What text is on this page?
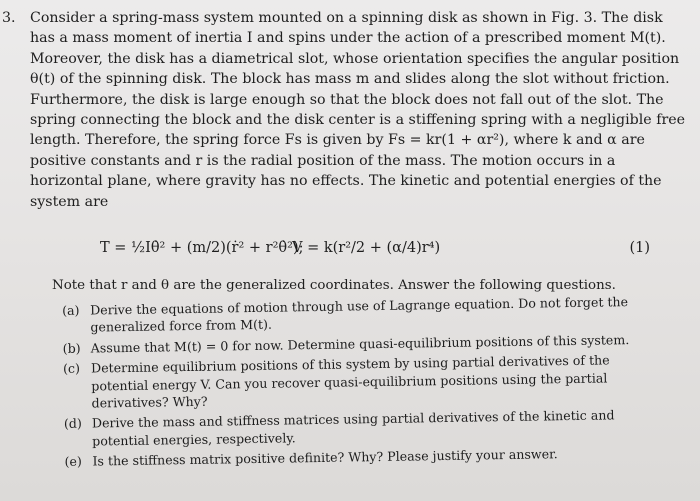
3. Consider a spring-mass system mounted on a spinning disk as shown in Fig. 3. The disk has a mass moment of inertia I and spins under the action of a prescribed moment M(t). Moreover, the disk has a diametrical slot, whose orientation specifies the angular position θ(t) of the spinning disk. The block has mass m and slides along the slot without friction. Furthermore, the disk is large enough so that the block does not fall out of the slot. The spring connecting the block and the disk center is a stiffening spring with a negligible free length. Therefore, the spring force Fs is given by Fs = kr(1 + αr²), where k and α are positive constants and r is the radial position of the mass. The motion occurs in a horizontal plane, where gravity has no effects. The kinetic and potential energies of the system are
T = ½Iθ̇² + (m/2)(ṙ² + r²θ̇²);
V = k(r²/2 + (α/4)r⁴)	(1)
Note that r and θ are the generalized coordinates. Answer the following questions.
(a) Derive the equations of motion through use of Lagrange equation. Do not forget the generalized force from M(t).
(b) Assume that M(t) = 0 for now. Determine quasi-equilibrium positions of this system.
(c) Determine equilibrium positions of this system by using partial derivatives of the potential energy V. Can you recover quasi-equilibrium positions using the partial derivatives? Why?
(d) Derive the mass and stiffness matrices using partial derivatives of the kinetic and potential energies, respectively.
(e) Is the stiffness matrix positive definite? Why? Please justify your answer.
